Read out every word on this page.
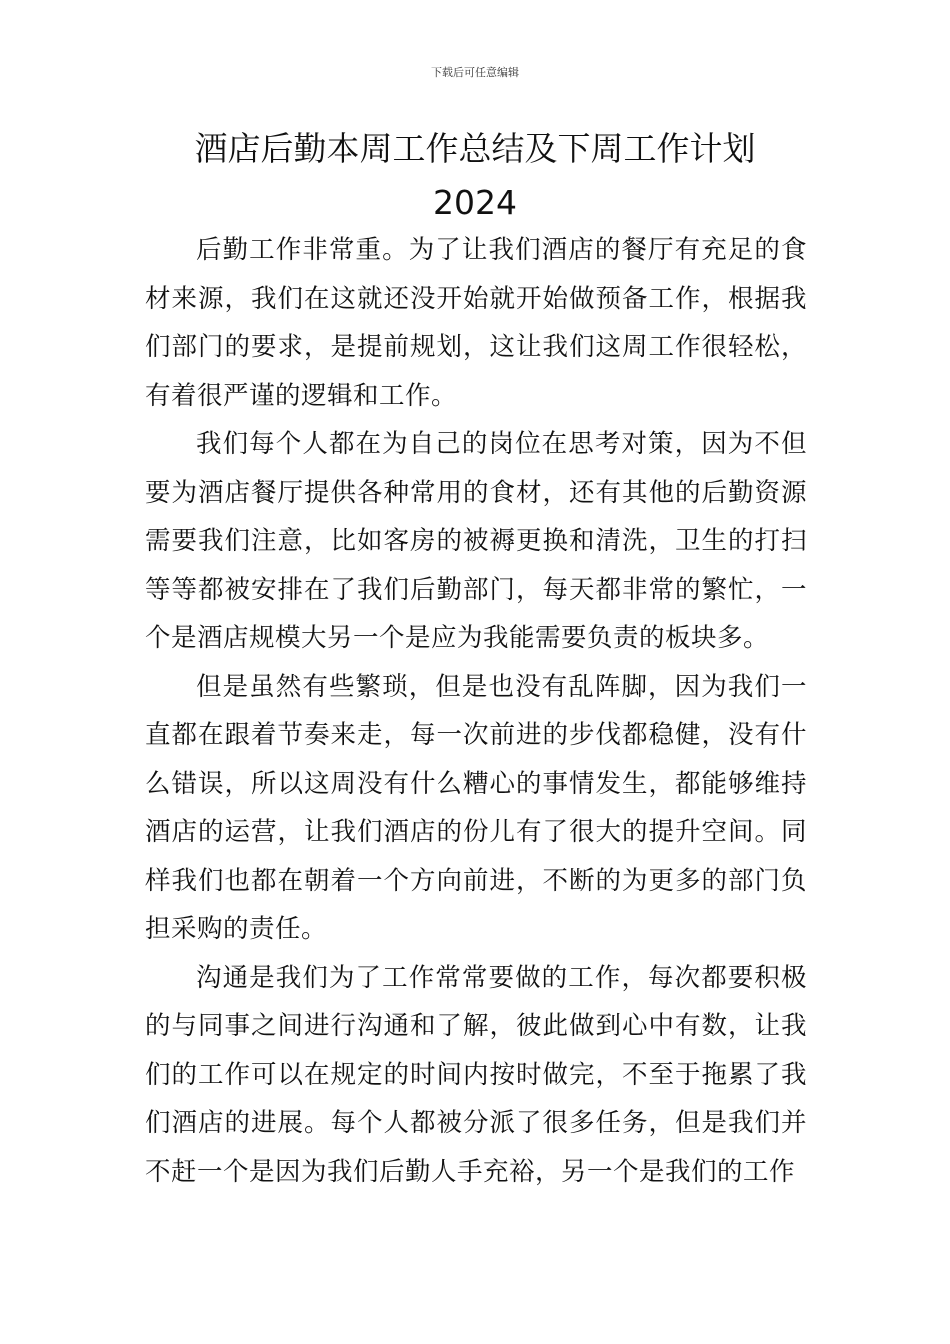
下载后可任意编辑
酒店后勤本周工作总结及下周工作计划
2024

后勤工作非常重。为了让我们酒店的餐厅有充足的食材来源，我们在这就还没开始就开始做预备工作，根据我们部门的要求，是提前规划，这让我们这周工作很轻松，有着很严谨的逻辑和工作。

我们每个人都在为自己的岗位在思考对策，因为不但要为酒店餐厅提供各种常用的食材，还有其他的后勤资源需要我们注意，比如客房的被褥更换和清洗，卫生的打扫等等都被安排在了我们后勤部门，每天都非常的繁忙，一个是酒店规模大另一个是应为我能需要负责的板块多。

但是虽然有些繁琐，但是也没有乱阵脚，因为我们一直都在跟着节奏来走，每一次前进的步伐都稳健，没有什么错误，所以这周没有什么糟心的事情发生，都能够维持酒店的运营，让我们酒店的份儿有了很大的提升空间。同样我们也都在朝着一个方向前进，不断的为更多的部门负担采购的责任。

沟通是我们为了工作常常要做的工作，每次都要积极的与同事之间进行沟通和了解，彼此做到心中有数，让我们的工作可以在规定的时间内按时做完，不至于拖累了我们酒店的进展。每个人都被分派了很多任务，但是我们并不赶一个是因为我们后勤人手充裕，另一个是我们的工作
